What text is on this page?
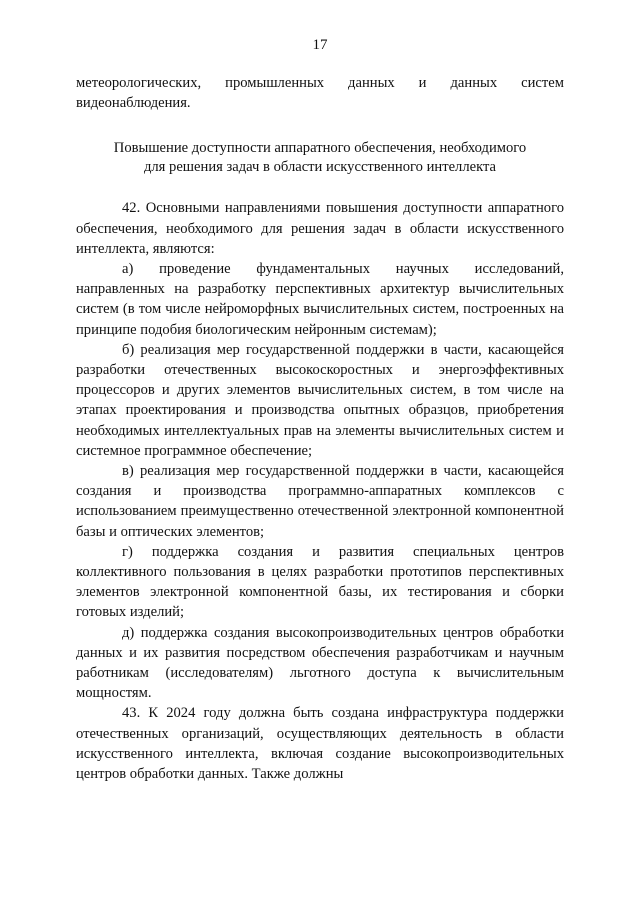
17

метеорологических, промышленных данных и данных систем видеонаблюдения.

Повышение доступности аппаратного обеспечения, необходимого
для решения задач в области искусственного интеллекта

42. Основными направлениями повышения доступности аппаратного обеспечения, необходимого для решения задач в области искусственного интеллекта, являются:

а) проведение фундаментальных научных исследований, направленных на разработку перспективных архитектур вычислительных систем (в том числе нейроморфных вычислительных систем, построенных на принципе подобия биологическим нейронным системам);

б) реализация мер государственной поддержки в части, касающейся разработки отечественных высокоскоростных и энергоэффективных процессоров и других элементов вычислительных систем, в том числе на этапах проектирования и производства опытных образцов, приобретения необходимых интеллектуальных прав на элементы вычислительных систем и системное программное обеспечение;

в) реализация мер государственной поддержки в части, касающейся создания и производства программно-аппаратных комплексов с использованием преимущественно отечественной электронной компонентной базы и оптических элементов;

г) поддержка создания и развития специальных центров коллективного пользования в целях разработки прототипов перспективных элементов электронной компонентной базы, их тестирования и сборки готовых изделий;

д) поддержка создания высокопроизводительных центров обработки данных и их развития посредством обеспечения разработчикам и научным работникам (исследователям) льготного доступа к вычислительным мощностям.

43. К 2024 году должна быть создана инфраструктура поддержки отечественных организаций, осуществляющих деятельность в области искусственного интеллекта, включая создание высокопроизводительных центров обработки данных. Также должны
